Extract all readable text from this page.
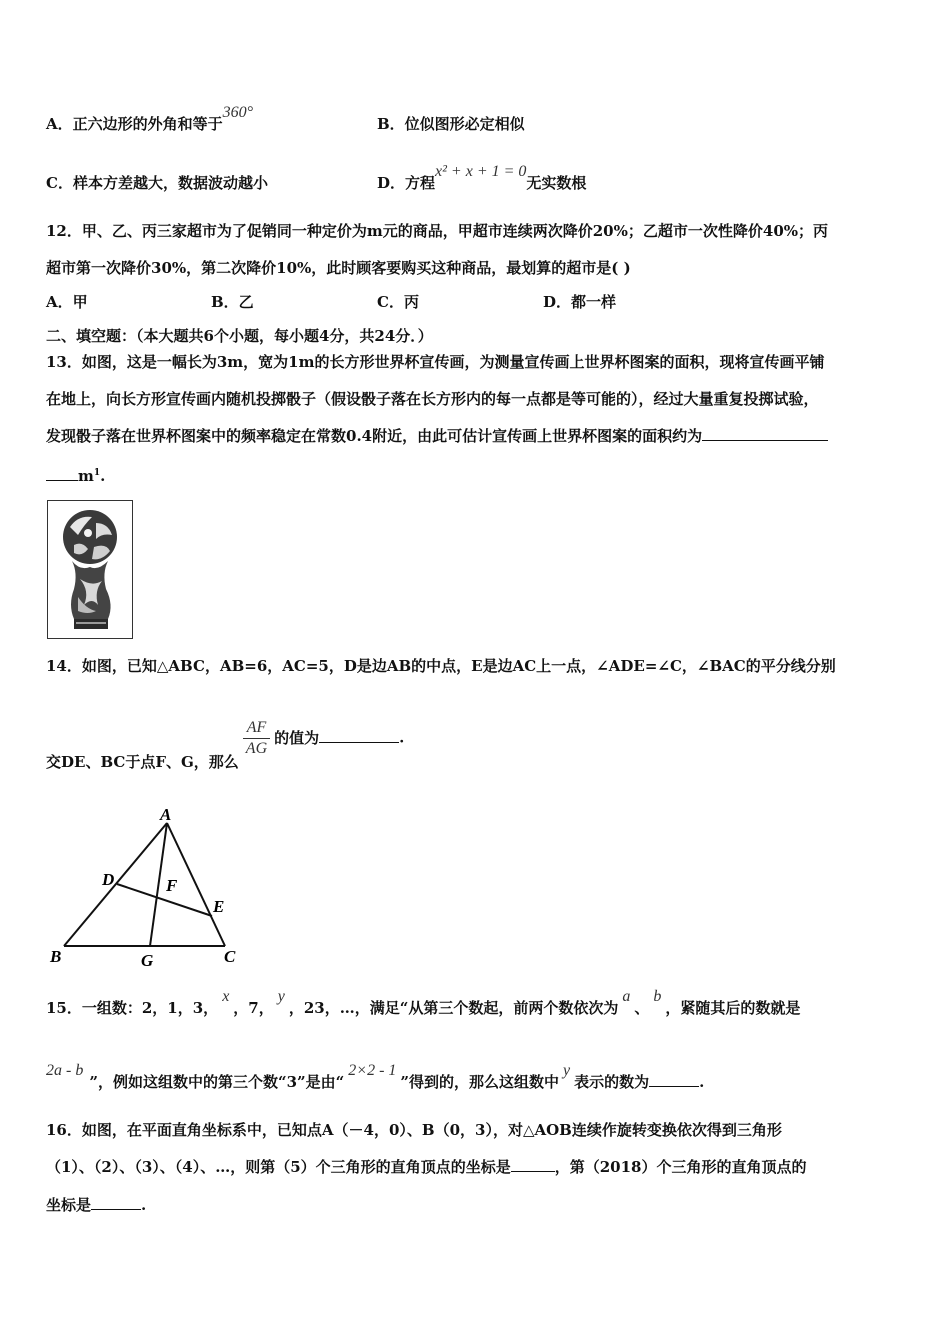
A．正六边形的外角和等于360°
B．位似图形必定相似
C．样本方差越大，数据波动越小	D．方程x² + x + 1 = 0无实数根
12．甲、乙、丙三家超市为了促销同一种定价为m元的商品，甲超市连续两次降价20%；乙超市一次性降价40%；丙
超市第一次降价30%，第二次降价10%，此时顾客要购买这种商品，最划算的超市是( )
A．甲	B．乙	C．丙	D．都一样
二、填空题：（本大题共6个小题，每小题4分，共24分．）
13．如图，这是一幅长为3m，宽为1m的长方形世界杯宣传画，为测量宣传画上世界杯图案的面积，现将宣传画平铺
在地上，向长方形宣传画内随机投掷骰子（假设骰子落在长方形内的每一点都是等可能的），经过大量重复投掷试验，
发现骰子落在世界杯图案中的频率稳定在常数0.4附近，由此可估计宣传画上世界杯图案的面积约为
$m^1$.
14．如图，已知△ABC，AB=6，AC=5，D是边AB的中点，E是边AC上一点，∠ADE=∠C，∠BAC的平分线分别
交DE、BC于点F、G，那么
$\frac{AF}{AG}$ 的值为	.
A
B	C
D
E
F
G
15．一组数：2，1，3，x，7，y，23，…，满足“从第三个数起，前两个数依次为a、b，紧随其后的数就是
2a - b”，例如这组数中的第三个数“3”是由“2×2 - 1”得到的，那么这组数中y表示的数为	.
16．如图，在平面直角坐标系中，已知点A（－4，0）、B（0，3），对△AOB连续作旋转变换依次得到三角形
（1）、（2）、（3）、（4）、…，则第（5）个三角形的直角顶点的坐标是	，第（2018）个三角形的直角顶点的
坐标是	.
